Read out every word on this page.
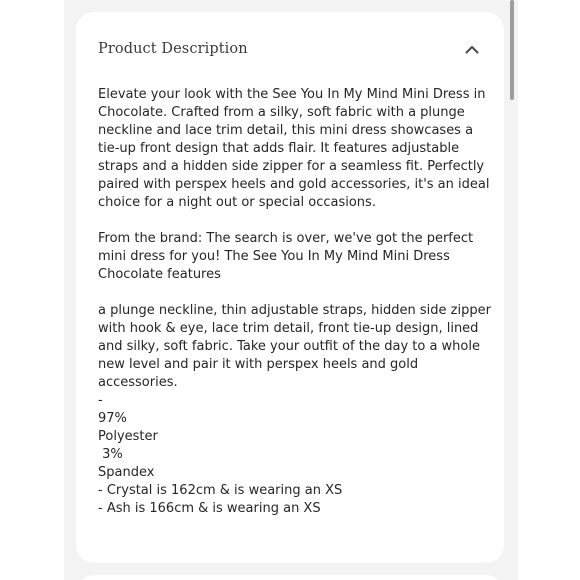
Product Description

Elevate your look with the See You In My Mind Mini Dress in Chocolate. Crafted from a silky, soft fabric with a plunge neckline and lace trim detail, this mini dress showcases a tie-up front design that adds flair. It features adjustable straps and a hidden side zipper for a seamless fit. Perfectly paired with perspex heels and gold accessories, it's an ideal choice for a night out or special occasions.

From the brand: The search is over, we've got the perfect mini dress for you! The See You In My Mind Mini Dress Chocolate features

a plunge neckline, thin adjustable straps, hidden side zipper with hook & eye, lace trim detail, front tie-up design, lined and silky, soft fabric. Take your outfit of the day to a whole new level and pair it with perspex heels and gold accessories.
-
97%
Polyester
3%
Spandex
- Crystal is 162cm & is wearing an XS
- Ash is 166cm & is wearing an XS
